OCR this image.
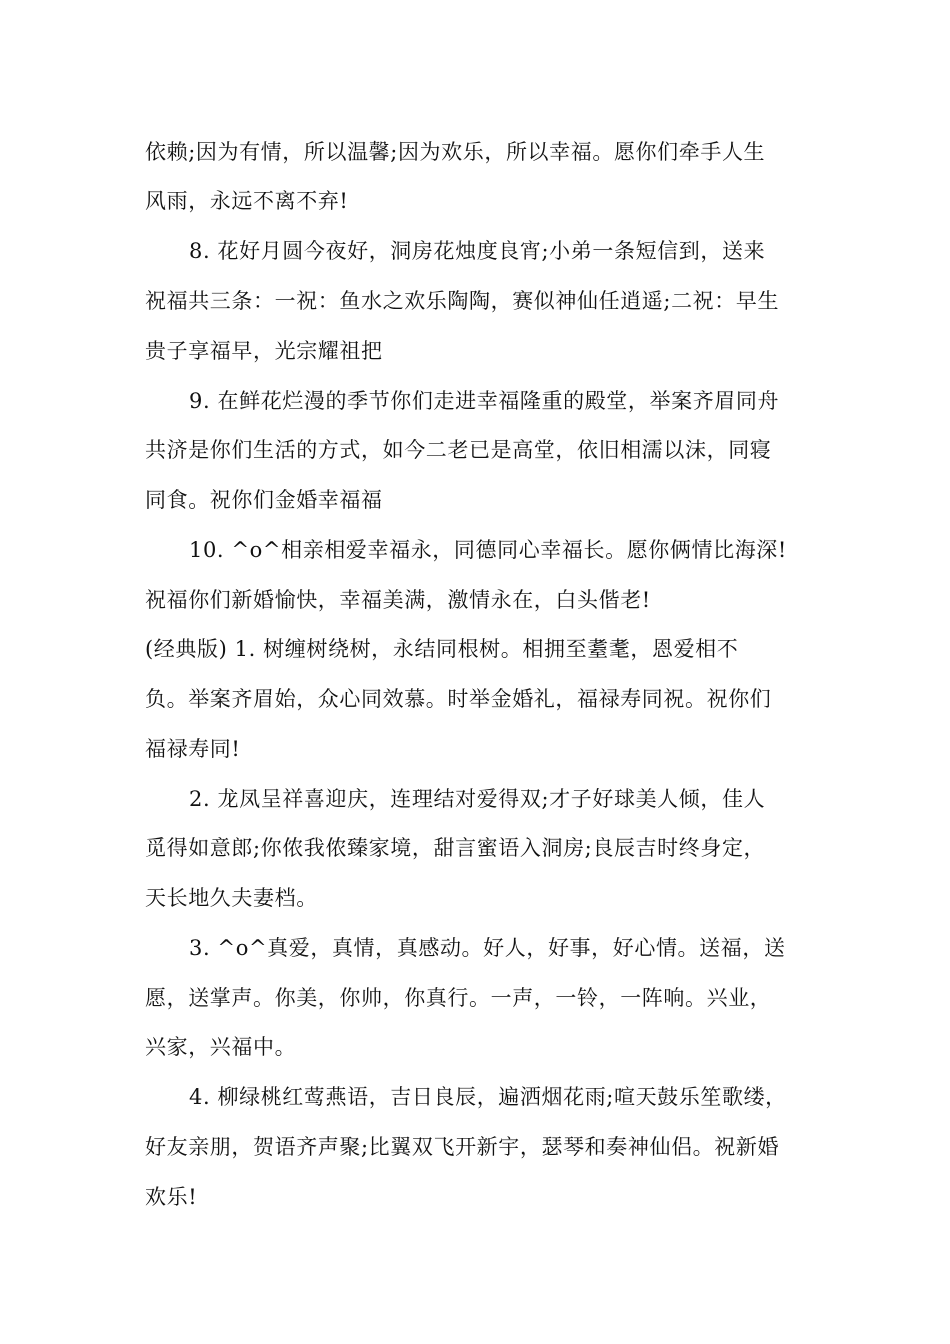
依赖;因为有情，所以温馨;因为欢乐，所以幸福。愿你们牵手人生
风雨，永远不离不弃!
8. 花好月圆今夜好，洞房花烛度良宵;小弟一条短信到，送来
祝福共三条：一祝：鱼水之欢乐陶陶，赛似神仙任逍遥;二祝：早生
贵子享福早，光宗耀祖把
9. 在鲜花烂漫的季节你们走进幸福隆重的殿堂，举案齐眉同舟
共济是你们生活的方式，如今二老已是高堂，依旧相濡以沫，同寝
同食。祝你们金婚幸福福
10. ^o^相亲相爱幸福永，同德同心幸福长。愿你俩情比海深!
祝福你们新婚愉快，幸福美满，激情永在，白头偕老!
(经典版) 1. 树缠树绕树，永结同根树。相拥至耋耄，恩爱相不
负。举案齐眉始，众心同效慕。时举金婚礼，福禄寿同祝。祝你们
福禄寿同!
2. 龙凤呈祥喜迎庆，连理结对爱得双;才子好球美人倾，佳人
觅得如意郎;你侬我侬臻家境，甜言蜜语入洞房;良辰吉时终身定，
天长地久夫妻档。
3. ^o^真爱，真情，真感动。好人，好事，好心情。送福，送
愿，送掌声。你美，你帅，你真行。一声，一铃，一阵响。兴业，
兴家，兴福中。
4. 柳绿桃红莺燕语，吉日良辰，遍洒烟花雨;喧天鼓乐笙歌缕，
好友亲朋，贺语齐声聚;比翼双飞开新宇，瑟琴和奏神仙侣。祝新婚
欢乐!
